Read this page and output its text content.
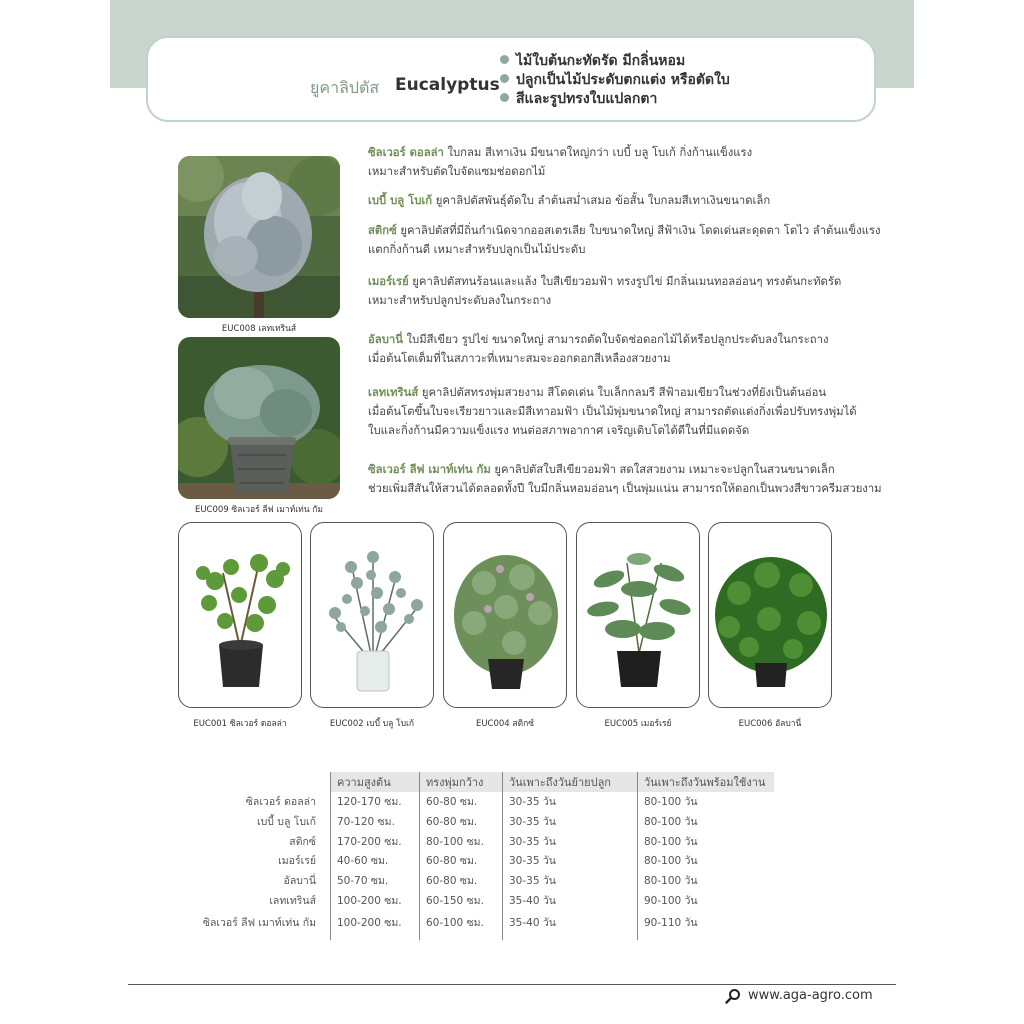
ยูคาลิปตัส Eucalyptus
ไม้ใบต้นกะทัดรัด มีกลิ่นหอม
ปลูกเป็นไม้ประดับตกแต่ง หรือตัดใบ
สีและรูปทรงใบแปลกตา
EUC008 เลทเทรินส์
EUC009 ซิลเวอร์ ลีฟ เมาท์เท่น กัม

ซิลเวอร์ ดอลล่า ใบกลม สีเทาเงิน มีขนาดใหญ่กว่า เบบี้ บลู โบเก้ กิ่งก้านแข็งแรง

เหมาะสำหรับตัดใบจัดแซมช่อดอกไม้

เบบี้ บลู โบเก้ ยูคาลิปตัสพันธุ์ตัดใบ ลำต้นสม่ำเสมอ ข้อสั้น ใบกลมสีเทาเงินขนาดเล็ก

สติกซ์ ยูคาลิปตัสที่มีถิ่นกำเนิดจากออสเตรเลีย ใบขนาดใหญ่ สีฟ้าเงิน โดดเด่นสะดุดตา โตไว ลำต้นแข็งแรง

แตกกิ่งก้านดี เหมาะสำหรับปลูกเป็นไม้ประดับ

เมอร์เรย์ ยูคาลิปตัสทนร้อนและแล้ง ใบสีเขียวอมฟ้า ทรงรูปไข่ มีกลิ่นเมนทอลอ่อนๆ ทรงต้นกะทัดรัด

เหมาะสำหรับปลูกประดับลงในกระถาง

อัลบานี่ ใบมีสีเขียว รูปไข่ ขนาดใหญ่ สามารถตัดใบจัดช่อดอกไม้ได้หรือปลูกประดับลงในกระถาง

เมื่อต้นโตเต็มที่ในสภาวะที่เหมาะสมจะออกดอกสีเหลืองสวยงาม

เลทเทรินส์ ยูคาลิปตัสทรงพุ่มสวยงาม สีโดดเด่น ใบเล็กกลมรี สีฟ้าอมเขียวในช่วงที่ยังเป็นต้นอ่อน

เมื่อต้นโตขึ้นใบจะเรียวยาวและมีสีเทาอมฟ้า เป็นไม้พุ่มขนาดใหญ่ สามารถตัดแต่งกิ่งเพื่อปรับทรงพุ่มได้

ใบและกิ่งก้านมีความแข็งแรง ทนต่อสภาพอากาศ เจริญเติบโตได้ดีในที่มีแดดจัด

ซิลเวอร์ ลีฟ เมาท์เท่น กัม ยูคาลิปตัสใบสีเขียวอมฟ้า สดใสสวยงาม เหมาะจะปลูกในสวนขนาดเล็ก

ช่วยเพิ่มสีสันให้สวนได้ตลอดทั้งปี ใบมีกลิ่นหอมอ่อนๆ เป็นพุ่มแน่น สามารถให้ดอกเป็นพวงสีขาวครีมสวยงาม

EUC001 ซิลเวอร์ ดอลล่า	EUC002 เบบี้ บลู โบเก้	EUC004 สติกซ์	EUC005 เมอร์เรย์	EUC006 อัลบานี่
	ความสูงต้น	ทรงพุ่มกว้าง	วันเพาะถึงวันย้ายปลูก	วันเพาะถึงวันพร้อมใช้งาน
ซิลเวอร์ ดอลล่า	120-170 ซม.	60-80 ซม.	30-35 วัน	80-100 วัน
เบบี้ บลู โบเก้	70-120 ซม.	60-80 ซม.	30-35 วัน	80-100 วัน
สติกซ์	170-200 ซม.	80-100 ซม.	30-35 วัน	80-100 วัน
เมอร์เรย์	40-60 ซม.	60-80 ซม.	30-35 วัน	80-100 วัน
อัลบานี่	50-70 ซม.	60-80 ซม.	30-35 วัน	80-100 วัน
เลทเทรินส์	100-200 ซม.	60-150 ซม.	35-40 วัน	90-100 วัน
ซิลเวอร์ ลีฟ เมาท์เท่น กัม	100-200 ซม.	60-100 ซม.	35-40 วัน	90-110 วัน
www.aga-agro.com
